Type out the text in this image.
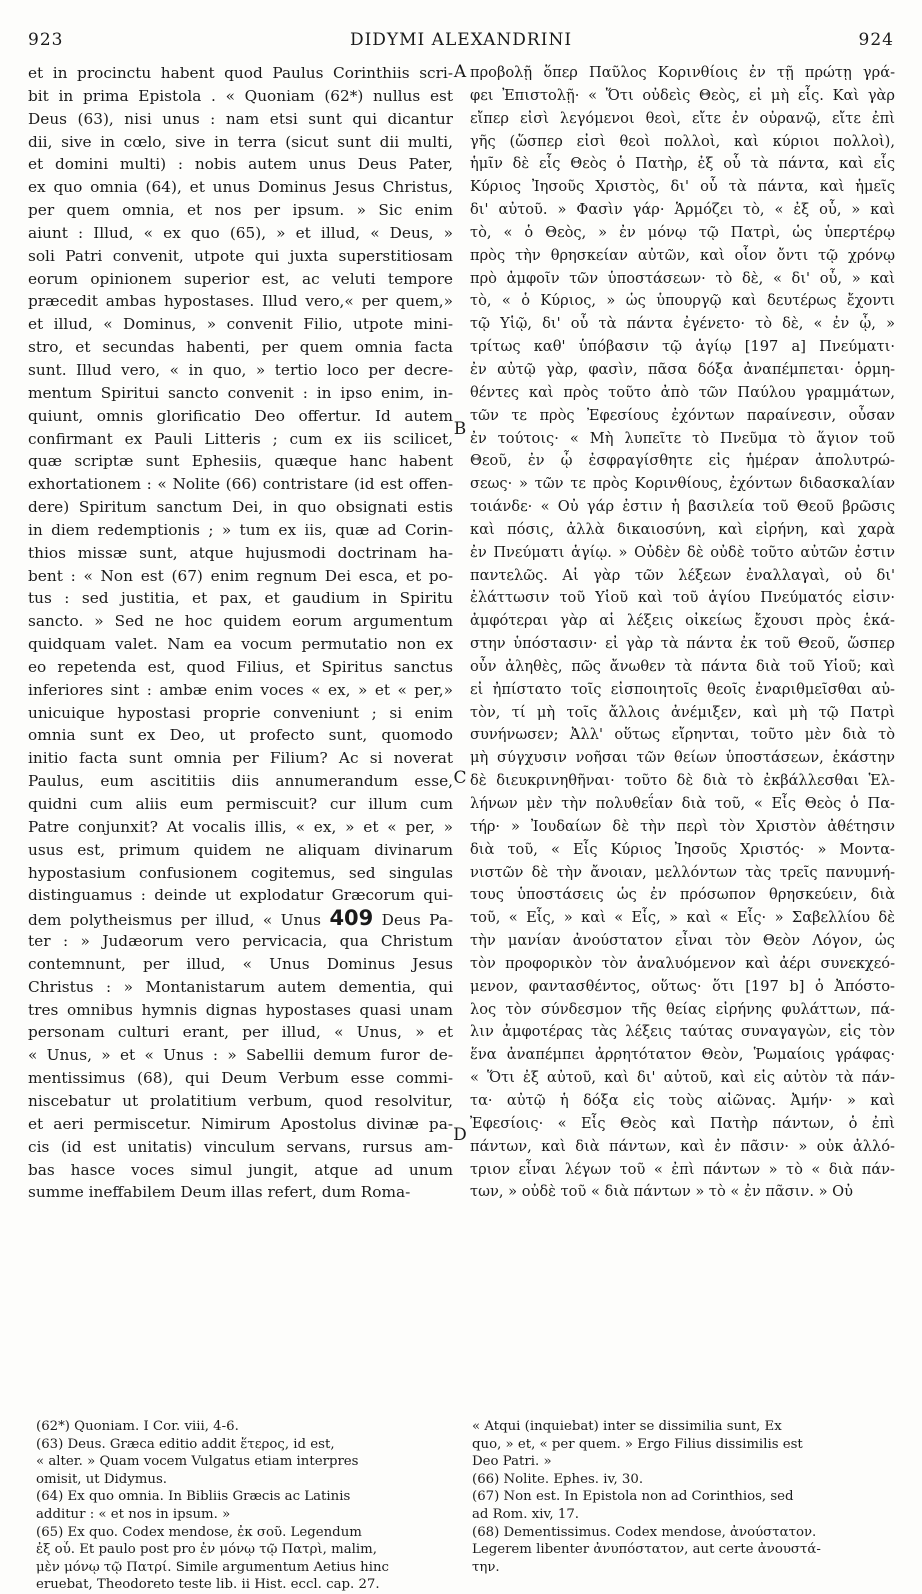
923	DIDYMI ALEXANDRINI	924
et in procinctu habent quod Paulus Corinthiis scri-
bit in prima Epistola . « Quoniam (62*) nullus est
Deus (63), nisi unus : nam etsi sunt qui dicantur
dii, sive in cœlo, sive in terra (sicut sunt dii multi,
et domini multi) : nobis autem unus Deus Pater,
ex quo omnia (64), et unus Dominus Jesus Christus,
per quem omnia, et nos per ipsum. » Sic enim
aiunt : Illud, « ex quo (65), » et illud, « Deus, »
soli Patri convenit, utpote qui juxta superstitiosam
eorum opinionem superior est, ac veluti tempore
præcedit ambas hypostases. Illud vero,« per quem,»
et illud, « Dominus, » convenit Filio, utpote mini-
stro, et secundas habenti, per quem omnia facta
sunt. Illud vero, « in quo, » tertio loco per decre-
mentum Spiritui sancto convenit : in ipso enim, in-
quiunt, omnis glorificatio Deo offertur. Id autem
confirmant ex Pauli Litteris ; cum ex iis scilicet,
quæ scriptæ sunt Ephesiis, quæque hanc habent
exhortationem : « Nolite (66) contristare (id est offen-
dere) Spiritum sanctum Dei, in quo obsignati estis
in diem redemptionis ; » tum ex iis, quæ ad Corin-
thios missæ sunt, atque hujusmodi doctrinam ha-
bent : « Non est (67) enim regnum Dei esca, et po-
tus : sed justitia, et pax, et gaudium in Spiritu
sancto. » Sed ne hoc quidem eorum argumentum
quidquam valet. Nam ea vocum permutatio non ex
eo repetenda est, quod Filius, et Spiritus sanctus
inferiores sint : ambæ enim voces « ex, » et « per,»
unicuique hypostasi proprie conveniunt ; si enim
omnia sunt ex Deo, ut profecto sunt, quomodo
initio facta sunt omnia per Filium? Ac si noverat
Paulus, eum ascititiis diis annumerandum esse,
quidni cum aliis eum permiscuit? cur illum cum
Patre conjunxit? At vocalis illis, « ex, » et « per, »
usus est, primum quidem ne aliquam divinarum
hypostasium confusionem cogitemus, sed singulas
distinguamus : deinde ut explodatur Græcorum qui-
dem polytheismus per illud, « Unus 409 Deus Pa-
ter : » Judæorum vero pervicacia, qua Christum
contemnunt, per illud, « Unus Dominus Jesus
Christus : » Montanistarum autem dementia, qui
tres omnibus hymnis dignas hypostases quasi unam
personam culturi erant, per illud, « Unus, » et
« Unus, » et « Unus : » Sabellii demum furor de-
mentissimus (68), qui Deum Verbum esse commi-
niscebatur ut prolatitium verbum, quod resolvitur,
et aeri permiscetur. Nimirum Apostolus divinæ pa-
cis (id est unitatis) vinculum servans, rursus am-
bas hasce voces simul jungit, atque ad unum
summe ineffabilem Deum illas refert, dum Roma-
προβολῇ ὅπερ Παῦλος Κορινθίοις ἐν τῇ πρώτῃ γρά-
φει Ἐπιστολῇ· « Ὅτι οὐδεὶς Θεὸς, εἰ μὴ εἷς. Καὶ γὰρ
εἴπερ εἰσὶ λεγόμενοι θεοὶ, εἴτε ἐν οὐρανῷ, εἴτε ἐπὶ
γῆς (ὥσπερ εἰσὶ θεοὶ πολλοὶ, καὶ κύριοι πολλοὶ),
ἡμῖν δὲ εἷς Θεὸς ὁ Πατὴρ, ἐξ οὗ τὰ πάντα, καὶ εἷς
Κύριος Ἰησοῦς Χριστὸς, δι' οὗ τὰ πάντα, καὶ ἡμεῖς
δι' αὐτοῦ. » Φασὶν γάρ· Ἁρμόζει τὸ, « ἐξ οὗ, » καὶ
τὸ, « ὁ Θεὸς, » ἐν μόνῳ τῷ Πατρὶ, ὡς ὑπερτέρῳ
πρὸς τὴν θρησκείαν αὐτῶν, καὶ οἷον ὄντι τῷ χρόνῳ
πρὸ ἀμφοῖν τῶν ὑποστάσεων· τὸ δὲ, « δι' οὗ, » καὶ
τὸ, « ὁ Κύριος, » ὡς ὑπουργῷ καὶ δευτέρως ἔχοντι
τῷ Υἱῷ, δι' οὗ τὰ πάντα ἐγένετο· τὸ δὲ, « ἐν ᾧ, »
τρίτως καθ' ὑπόβασιν τῷ ἁγίῳ [197 a] Πνεύματι·
ἐν αὐτῷ γὰρ, φασὶν, πᾶσα δόξα ἀναπέμπεται· ὁρμη-
θέντες καὶ πρὸς τοῦτο ἀπὸ τῶν Παύλου γραμμάτων,
τῶν τε πρὸς Ἐφεσίους ἐχόντων παραίνεσιν, οὖσαν
ἐν τούτοις· « Μὴ λυπεῖτε τὸ Πνεῦμα τὸ ἅγιον τοῦ
Θεοῦ, ἐν ᾧ ἐσφραγίσθητε εἰς ἡμέραν ἀπολυτρώ-
σεως· » τῶν τε πρὸς Κορινθίους, ἐχόντων διδασκαλίαν
τοιάνδε· « Οὐ γάρ ἐστιν ἡ βασιλεία τοῦ Θεοῦ βρῶσις
καὶ πόσις, ἀλλὰ δικαιοσύνη, καὶ εἰρήνη, καὶ χαρὰ
ἐν Πνεύματι ἁγίῳ. » Οὐδὲν δὲ οὐδὲ τοῦτο αὐτῶν ἐστιν
παντελῶς. Αἱ γὰρ τῶν λέξεων ἐναλλαγαὶ, οὐ δι'
ἐλάττωσιν τοῦ Υἱοῦ καὶ τοῦ ἁγίου Πνεύματός εἰσιν·
ἀμφότεραι γὰρ αἱ λέξεις οἰκείως ἔχουσι πρὸς ἑκά-
στην ὑπόστασιν· εἰ γὰρ τὰ πάντα ἐκ τοῦ Θεοῦ, ὥσπερ
οὖν ἀληθὲς, πῶς ἄνωθεν τὰ πάντα διὰ τοῦ Υἱοῦ; καὶ
εἰ ἠπίστατο τοῖς εἰσποιητοῖς θεοῖς ἐναριθμεῖσθαι αὐ-
τὸν, τί μὴ τοῖς ἄλλοις ἀνέμιξεν, καὶ μὴ τῷ Πατρὶ
συνήνωσεν; Ἀλλ' οὕτως εἴρηνται, τοῦτο μὲν διὰ τὸ
μὴ σύγχυσιν νοῆσαι τῶν θείων ὑποστάσεων, ἑκάστην
δὲ διευκρινηθῆναι· τοῦτο δὲ διὰ τὸ ἐκβάλλεσθαι Ἑλ-
λήνων μὲν τὴν πολυθεΐαν διὰ τοῦ, « Εἷς Θεὸς ὁ Πα-
τήρ· » Ἰουδαίων δὲ τὴν περὶ τὸν Χριστὸν ἀθέτησιν
διὰ τοῦ, « Εἷς Κύριος Ἰησοῦς Χριστός· » Μοντα-
νιστῶν δὲ τὴν ἄνοιαν, μελλόντων τὰς τρεῖς πανυμνή-
τους ὑποστάσεις ὡς ἐν πρόσωπον θρησκεύειν, διὰ
τοῦ, « Εἷς, » καὶ « Εἷς, » καὶ « Εἷς· » Σαβελλίου δὲ
τὴν μανίαν ἀνούστατον εἶναι τὸν Θεὸν Λόγον, ὡς
τὸν προφορικὸν τὸν ἀναλυόμενον καὶ ἀέρι συνεκχεό-
μενον, φαντασθέντος, οὕτως· ὅτι [197 b] ὁ Ἀπόστο-
λος τὸν σύνδεσμον τῆς θείας εἰρήνης φυλάττων, πά-
λιν ἀμφοτέρας τὰς λέξεις ταύτας συναγαγὼν, εἰς τὸν
ἕνα ἀναπέμπει ἀρρητότατον Θεὸν, Ῥωμαίοις γράφας·
« Ὅτι ἐξ αὐτοῦ, καὶ δι' αὐτοῦ, καὶ εἰς αὐτὸν τὰ πάν-
τα· αὐτῷ ἡ δόξα εἰς τοὺς αἰῶνας. Ἀμήν· » καὶ
Ἐφεσίοις· « Εἷς Θεὸς καὶ Πατὴρ πάντων, ὁ ἐπὶ
πάντων, καὶ διὰ πάντων, καὶ ἐν πᾶσιν· » οὐκ ἀλλό-
τριον εἶναι λέγων τοῦ « ἐπὶ πάντων » τὸ « διὰ πάν-
των, » οὐδὲ τοῦ « διὰ πάντων » τὸ « ἐν πᾶσιν. » Οὐ
A
B
C
D
(62*) Quoniam. I Cor. viii, 4-6.
(63) Deus. Græca editio addit ἕτερος, id est,
« alter. » Quam vocem Vulgatus etiam interpres
omisit, ut Didymus.
(64) Ex quo omnia. In Bibliis Græcis ac Latinis
additur : « et nos in ipsum. »
(65) Ex quo. Codex mendose, ἐκ σοῦ. Legendum
ἐξ οὗ. Et paulo post pro ἐν μόνῳ τῷ Πατρὶ, malim,
μὲν μόνῳ τῷ Πατρί. Simile argumentum Aetius hinc
eruebat, Theodoreto teste lib. ii Hist. eccl. cap. 27.
« Atqui (inquiebat) inter se dissimilia sunt, Ex
quo, » et, « per quem. » Ergo Filius dissimilis est
Deo Patri. »
(66) Nolite. Ephes. iv, 30.
(67) Non est. In Epistola non ad Corinthios, sed
ad Rom. xiv, 17.
(68) Dementissimus. Codex mendose, ἀνούστατον.
Legerem libenter ἀνυπόστατον, aut certe ἀνουστά-
την.
